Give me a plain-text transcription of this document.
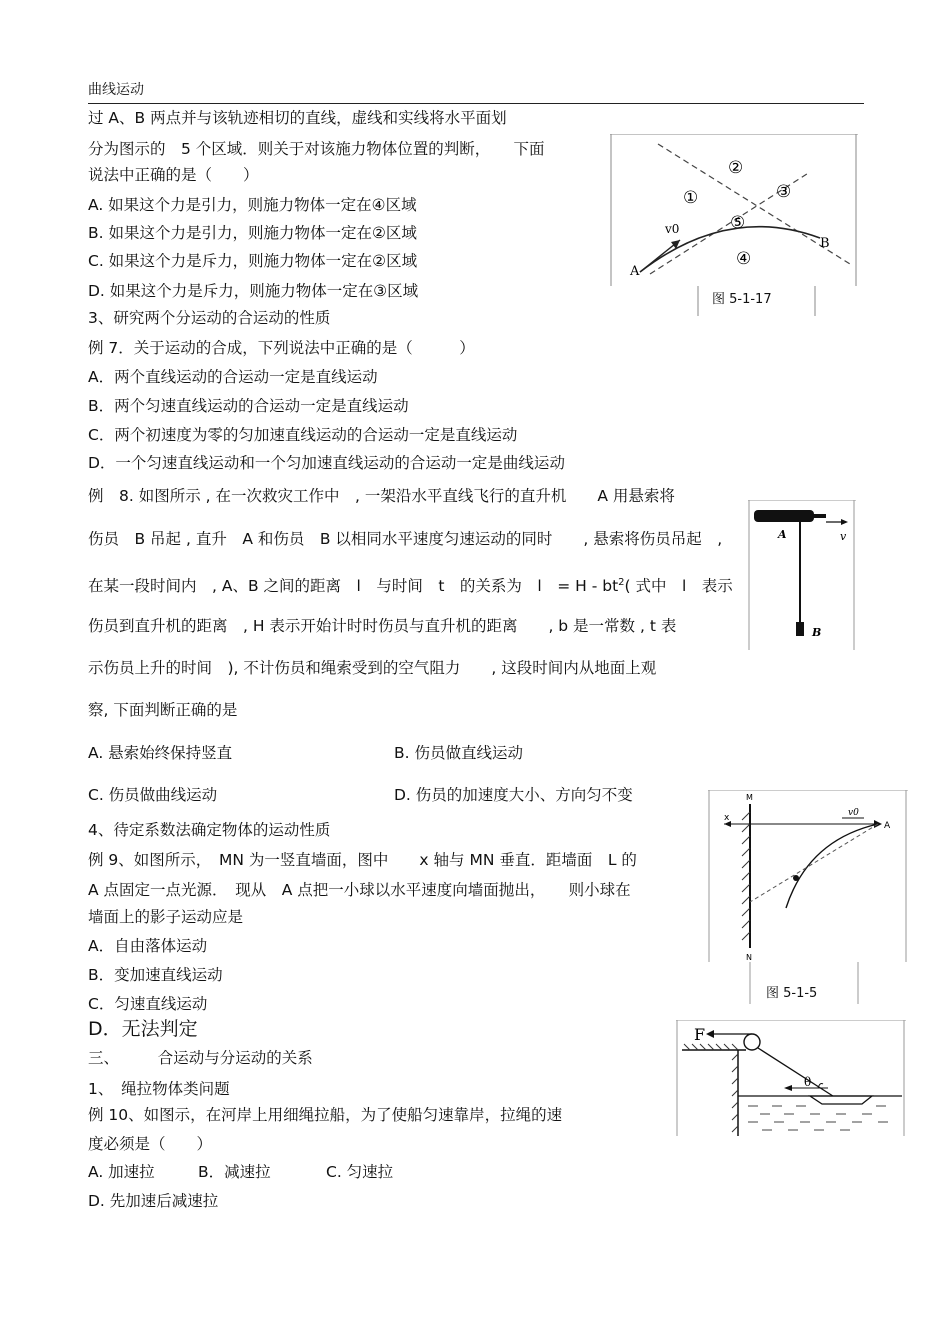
曲线运动
过 A、B 两点并与该轨迹相切的直线，虚线和实线将水平面划
分为图示的　5 个区域．则关于对该施力物体位置的判断，　　下面
说法中正确的是（　　）
A. 如果这个力是引力，则施力物体一定在④区域
B. 如果这个力是引力，则施力物体一定在②区域
C. 如果这个力是斥力，则施力物体一定在②区域
D. 如果这个力是斥力，则施力物体一定在③区域
3、研究两个分运动的合运动的性质
例 7．关于运动的合成，下列说法中正确的是（　　　）
A．两个直线运动的合运动一定是直线运动
B．两个匀速直线运动的合运动一定是直线运动
C．两个初速度为零的匀加速直线运动的合运动一定是直线运动
D．一个匀速直线运动和一个匀加速直线运动的合运动一定是曲线运动
例　8. 如图所示 , 在一次救灾工作中　, 一架沿水平直线飞行的直升机　　A 用悬索将
伤员　B 吊起 , 直升　A 和伤员　B 以相同水平速度匀速运动的同时　　, 悬索将伤员吊起　,
在某一段时间内　, A、B 之间的距离　l　与时间　t　的关系为　l　= H - $bt^2$( 式中　l　表示
伤员到直升机的距离　, H 表示开始计时时伤员与直升机的距离　　, b 是一常数 , t 表
示伤员上升的时间　), 不计伤员和绳索受到的空气阻力　　, 这段时间内从地面上观
察, 下面判断正确的是
A. 悬索始终保持竖直	B. 伤员做直线运动
C. 伤员做曲线运动	D. 伤员的加速度大小、方向匀不变
4、待定系数法确定物体的运动性质
例 9、如图所示，　MN 为一竖直墙面，图中　　x 轴与 MN 垂直．距墙面　L 的
A 点固定一点光源．　现从　A 点把一小球以水平速度向墙面抛出，　　则小球在
墙面上的影子运动应是
A．自由落体运动
B．变加速直线运动
C．匀速直线运动
D．无法判定
三、　　　合运动与分运动的关系
1、　绳拉物体类问题
例 10、如图示，在河岸上用细绳拉船，为了使船匀速靠岸，拉绳的速
度必须是（　　）
A. 加速拉	B．减速拉	C. 匀速拉
D. 先加速后减速拉
v0
A
B
①
②
③
④
⑤
图 5-1-17
A	v
B
M
N
x	v0
A
图 5-1-5
F
θ
